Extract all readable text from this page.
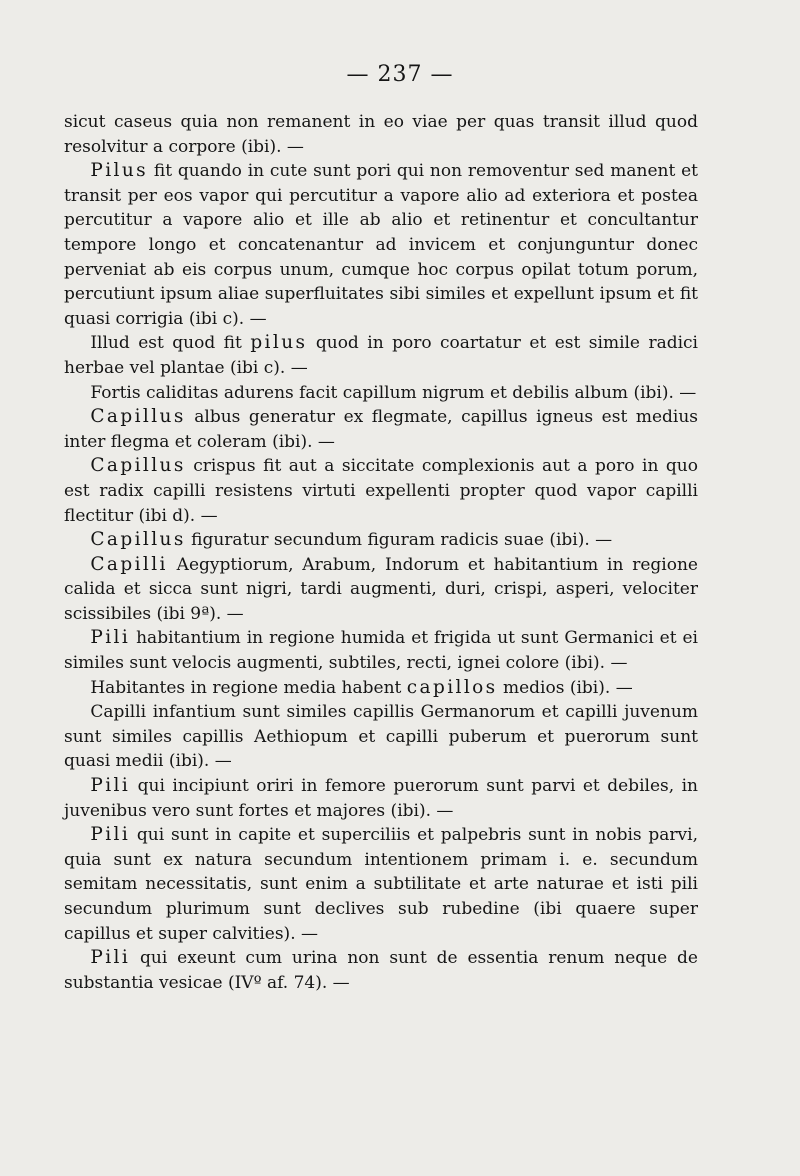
— 237 —

sicut caseus quia non remanent in eo viae per quas transit illud quod resolvitur a corpore (ibi). —

Pilus fit quando in cute sunt pori qui non removentur sed manent et transit per eos vapor qui percutitur a vapore alio ad exteriora et postea percutitur a vapore alio et ille ab alio et retinentur et concultantur tempore longo et concatenantur ad invicem et conjunguntur donec perveniat ab eis corpus unum, cumque hoc corpus opilat totum porum, percutiunt ipsum aliae superfluitates sibi similes et expellunt ipsum et fit quasi corrigia (ibi c). —

Illud est quod fit pilus quod in poro coartatur et est simile radici herbae vel plantae (ibi c). —

Fortis caliditas adurens facit capillum nigrum et debilis album (ibi). —

Capillus albus generatur ex flegmate, capillus igneus est medius inter flegma et coleram (ibi). —

Capillus crispus fit aut a siccitate complexionis aut a poro in quo est radix capilli resistens virtuti expellenti propter quod vapor capilli flectitur (ibi d). —

Capillus figuratur secundum figuram radicis suae (ibi). —

Capilli Aegyptiorum, Arabum, Indorum et habitantium in regione calida et sicca sunt nigri, tardi augmenti, duri, crispi, asperi, velociter scissibiles (ibi 9ª). —

Pili habitantium in regione humida et frigida ut sunt Germanici et ei similes sunt velocis augmenti, subtiles, recti, ignei colore (ibi). —

Habitantes in regione media habent capillos medios (ibi). —

Capilli infantium sunt similes capillis Germanorum et capilli juvenum sunt similes capillis Aethiopum et capilli puberum et puerorum sunt quasi medii (ibi). —

Pili qui incipiunt oriri in femore puerorum sunt parvi et debiles, in juvenibus vero sunt fortes et majores (ibi). —

Pili qui sunt in capite et superciliis et palpebris sunt in nobis parvi, quia sunt ex natura secundum intentionem primam i. e. secundum semitam necessitatis, sunt enim a subtilitate et arte naturae et isti pili secundum plurimum sunt declives sub rubedine (ibi quaere super capillus et super calvities). —

Pili qui exeunt cum urina non sunt de essentia renum neque de substantia vesicae (IVº af. 74). —
